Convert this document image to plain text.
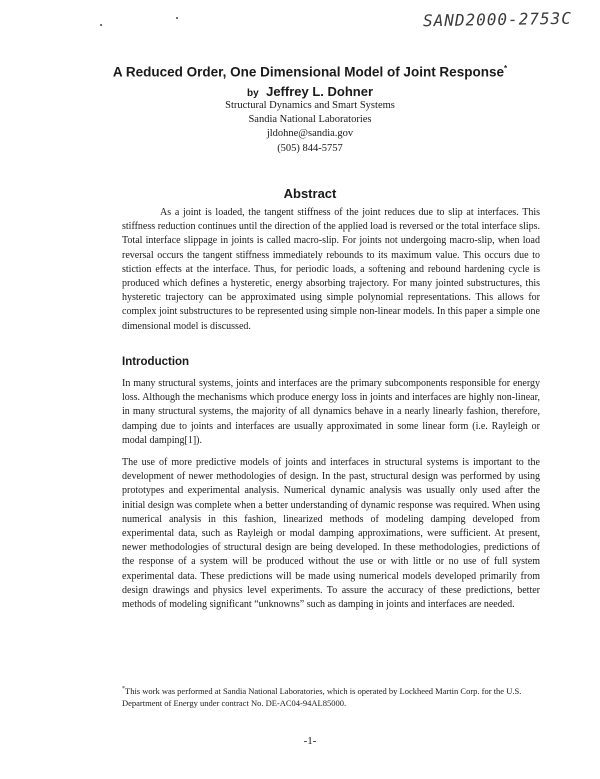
SAND2000-2753C
A Reduced Order, One Dimensional Model of Joint Response*
by Jeffrey L. Dohner
Structural Dynamics and Smart Systems
Sandia National Laboratories
jldohne@sandia.gov
(505) 844-5757
Abstract
As a joint is loaded, the tangent stiffness of the joint reduces due to slip at interfaces. This stiffness reduction continues until the direction of the applied load is reversed or the total interface slips. Total interface slippage in joints is called macro-slip. For joints not undergoing macro-slip, when load reversal occurs the tangent stiffness immediately rebounds to its maximum value. This occurs due to stiction effects at the interface. Thus, for periodic loads, a softening and rebound hardening cycle is produced which defines a hysteretic, energy absorbing trajectory. For many jointed substructures, this hysteretic trajectory can be approximated using simple polynomial representations. This allows for complex joint substructures to be represented using simple non-linear models. In this paper a simple one dimensional model is discussed.
Introduction
In many structural systems, joints and interfaces are the primary subcomponents responsible for energy loss. Although the mechanisms which produce energy loss in joints and interfaces are highly non-linear, in many structural systems, the majority of all dynamics behave in a nearly linearly fashion, therefore, damping due to joints and interfaces are usually approximated in some linear form (i.e. Rayleigh or modal damping[1]).
The use of more predictive models of joints and interfaces in structural systems is important to the development of newer methodologies of design. In the past, structural design was performed by using prototypes and experimental analysis. Numerical dynamic analysis was usually only used after the initial design was complete when a better understanding of dynamic response was required. When using numerical analysis in this fashion, linearized methods of modeling damping developed from experimental data, such as Rayleigh or modal damping approximations, were sufficient. At present, newer methodologies of structural design are being developed. In these methodologies, predictions of the response of a system will be produced without the use or with little or no use of full system experimental data. These predictions will be made using numerical models developed primarily from design drawings and physics level experiments. To assure the accuracy of these predictions, better methods of modeling significant “unknowns” such as damping in joints and interfaces are needed.
*This work was performed at Sandia National Laboratories, which is operated by Lockheed Martin Corp. for the U.S. Department of Energy under contract No. DE-AC04-94AL85000.
-1-
